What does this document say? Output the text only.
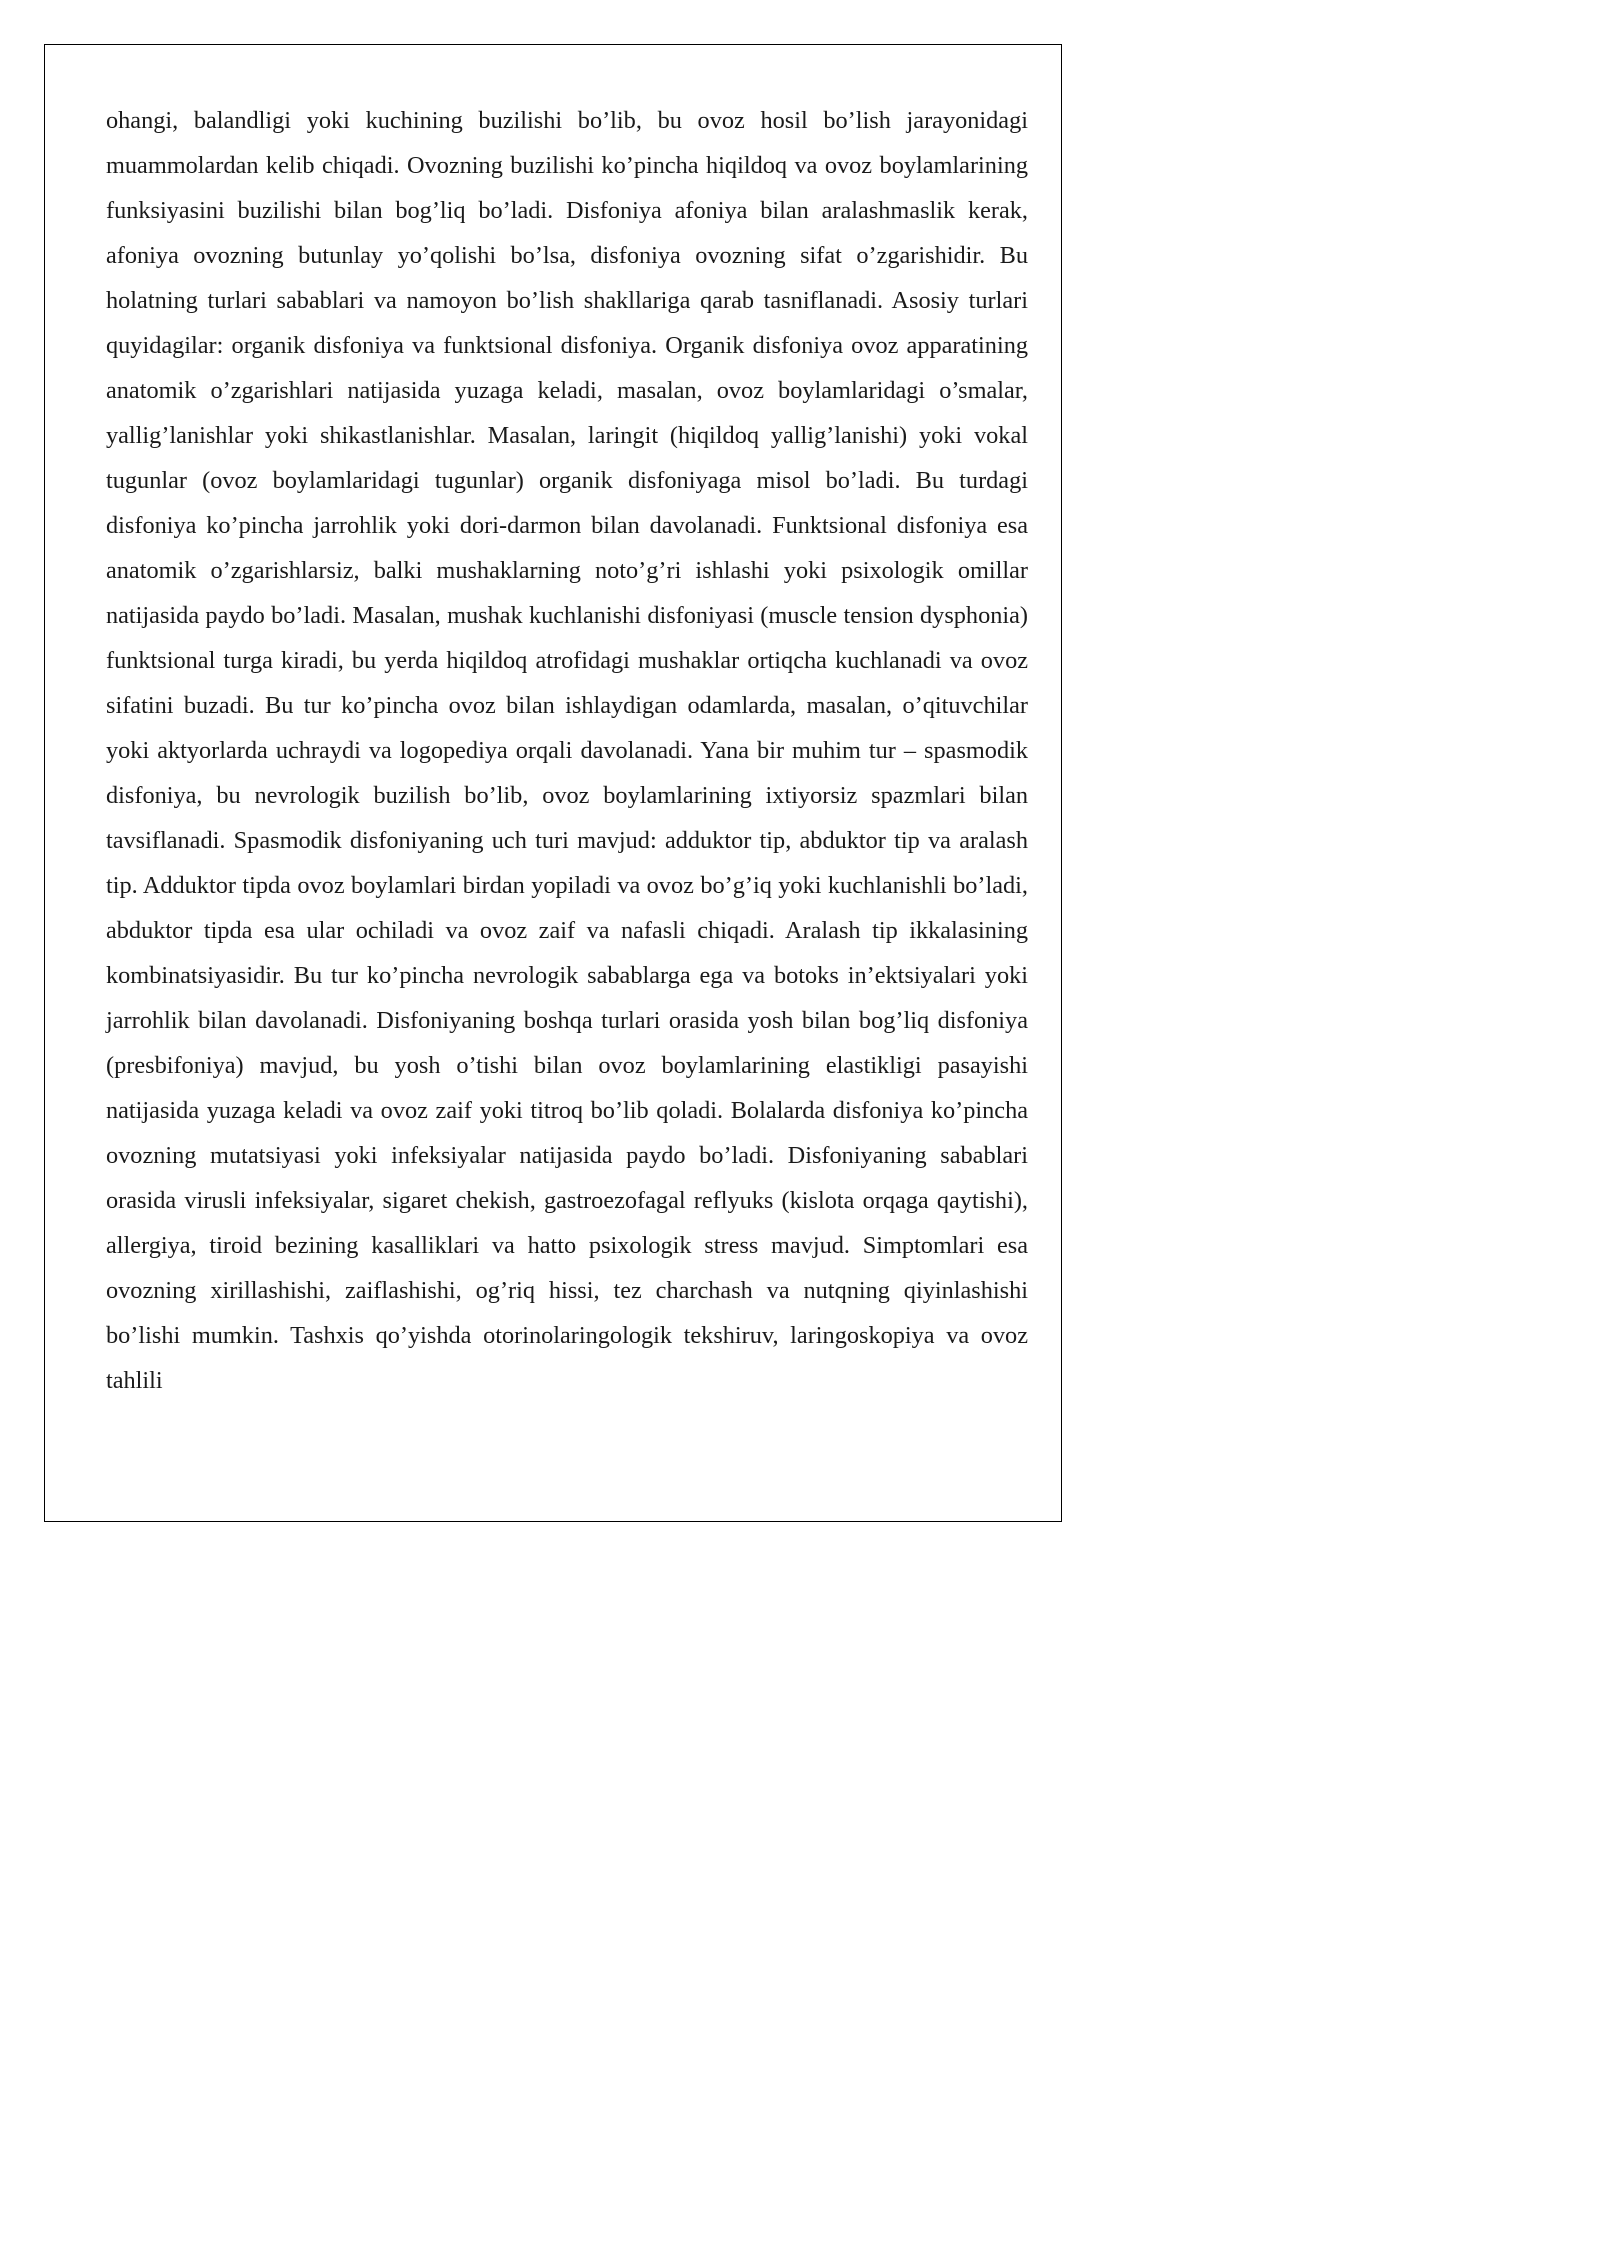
ohangi, balandligi yoki kuchining buzilishi bo’lib, bu ovoz hosil bo’lish jarayonidagi muammolardan kelib chiqadi. Ovozning buzilishi ko’pincha hiqildoq va ovoz boylamlarining funksiyasini buzilishi bilan bog’liq bo’ladi. Disfoniya afoniya bilan aralashmaslik kerak, afoniya ovozning butunlay yo’qolishi bo’lsa, disfoniya ovozning sifat o’zgarishidir. Bu holatning turlari sabablari va namoyon bo’lish shakllariga qarab tasniflanadi. Asosiy turlari quyidagilar: organik disfoniya va funktsional disfoniya. Organik disfoniya ovoz apparatining anatomik o’zgarishlari natijasida yuzaga keladi, masalan, ovoz boylamlaridagi o’smalar, yallig’lanishlar yoki shikastlanishlar. Masalan, laringit (hiqildoq yallig’lanishi) yoki vokal tugunlar (ovoz boylamlaridagi tugunlar) organik disfoniyaga misol bo’ladi. Bu turdagi disfoniya ko’pincha jarrohlik yoki dori-darmon bilan davolanadi. Funktsional disfoniya esa anatomik o’zgarishlarsiz, balki mushaklarning noto’g’ri ishlashi yoki psixologik omillar natijasida paydo bo’ladi. Masalan, mushak kuchlanishi disfoniyasi (muscle tension dysphonia) funktsional turga kiradi, bu yerda hiqildoq atrofidagi mushaklar ortiqcha kuchlanadi va ovoz sifatini buzadi. Bu tur ko’pincha ovoz bilan ishlaydigan odamlarda, masalan, o’qituvchilar yoki aktyorlarda uchraydi va logopediya orqali davolanadi. Yana bir muhim tur – spasmodik disfoniya, bu nevrologik buzilish bo’lib, ovoz boylamlarining ixtiyorsiz spazmlari bilan tavsiflanadi. Spasmodik disfoniyaning uch turi mavjud: adduktor tip, abduktor tip va aralash tip. Adduktor tipda ovoz boylamlari birdan yopiladi va ovoz bo’g’iq yoki kuchlanishli bo’ladi, abduktor tipda esa ular ochiladi va ovoz zaif va nafasli chiqadi. Aralash tip ikkalasining kombinatsiyasidir. Bu tur ko’pincha nevrologik sabablarga ega va botoks in’ektsiyalari yoki jarrohlik bilan davolanadi. Disfoniyaning boshqa turlari orasida yosh bilan bog’liq disfoniya (presbifoniya) mavjud, bu yosh o’tishi bilan ovoz boylamlarining elastikligi pasayishi natijasida yuzaga keladi va ovoz zaif yoki titroq bo’lib qoladi. Bolalarda disfoniya ko’pincha ovozning mutatsiyasi yoki infeksiyalar natijasida paydo bo’ladi. Disfoniyaning sabablari orasida virusli infeksiyalar, sigaret chekish, gastroezofagal reflyuks (kislota orqaga qaytishi), allergiya, tiroid bezining kasalliklari va hatto psixologik stress mavjud. Simptomlari esa ovozning xirillashishi, zaiflashishi, og’riq hissi, tez charchash va nutqning qiyinlashishi bo’lishi mumkin. Tashxis qo’yishda otorinolaringologik tekshiruv, laringoskopiya va ovoz tahlili
